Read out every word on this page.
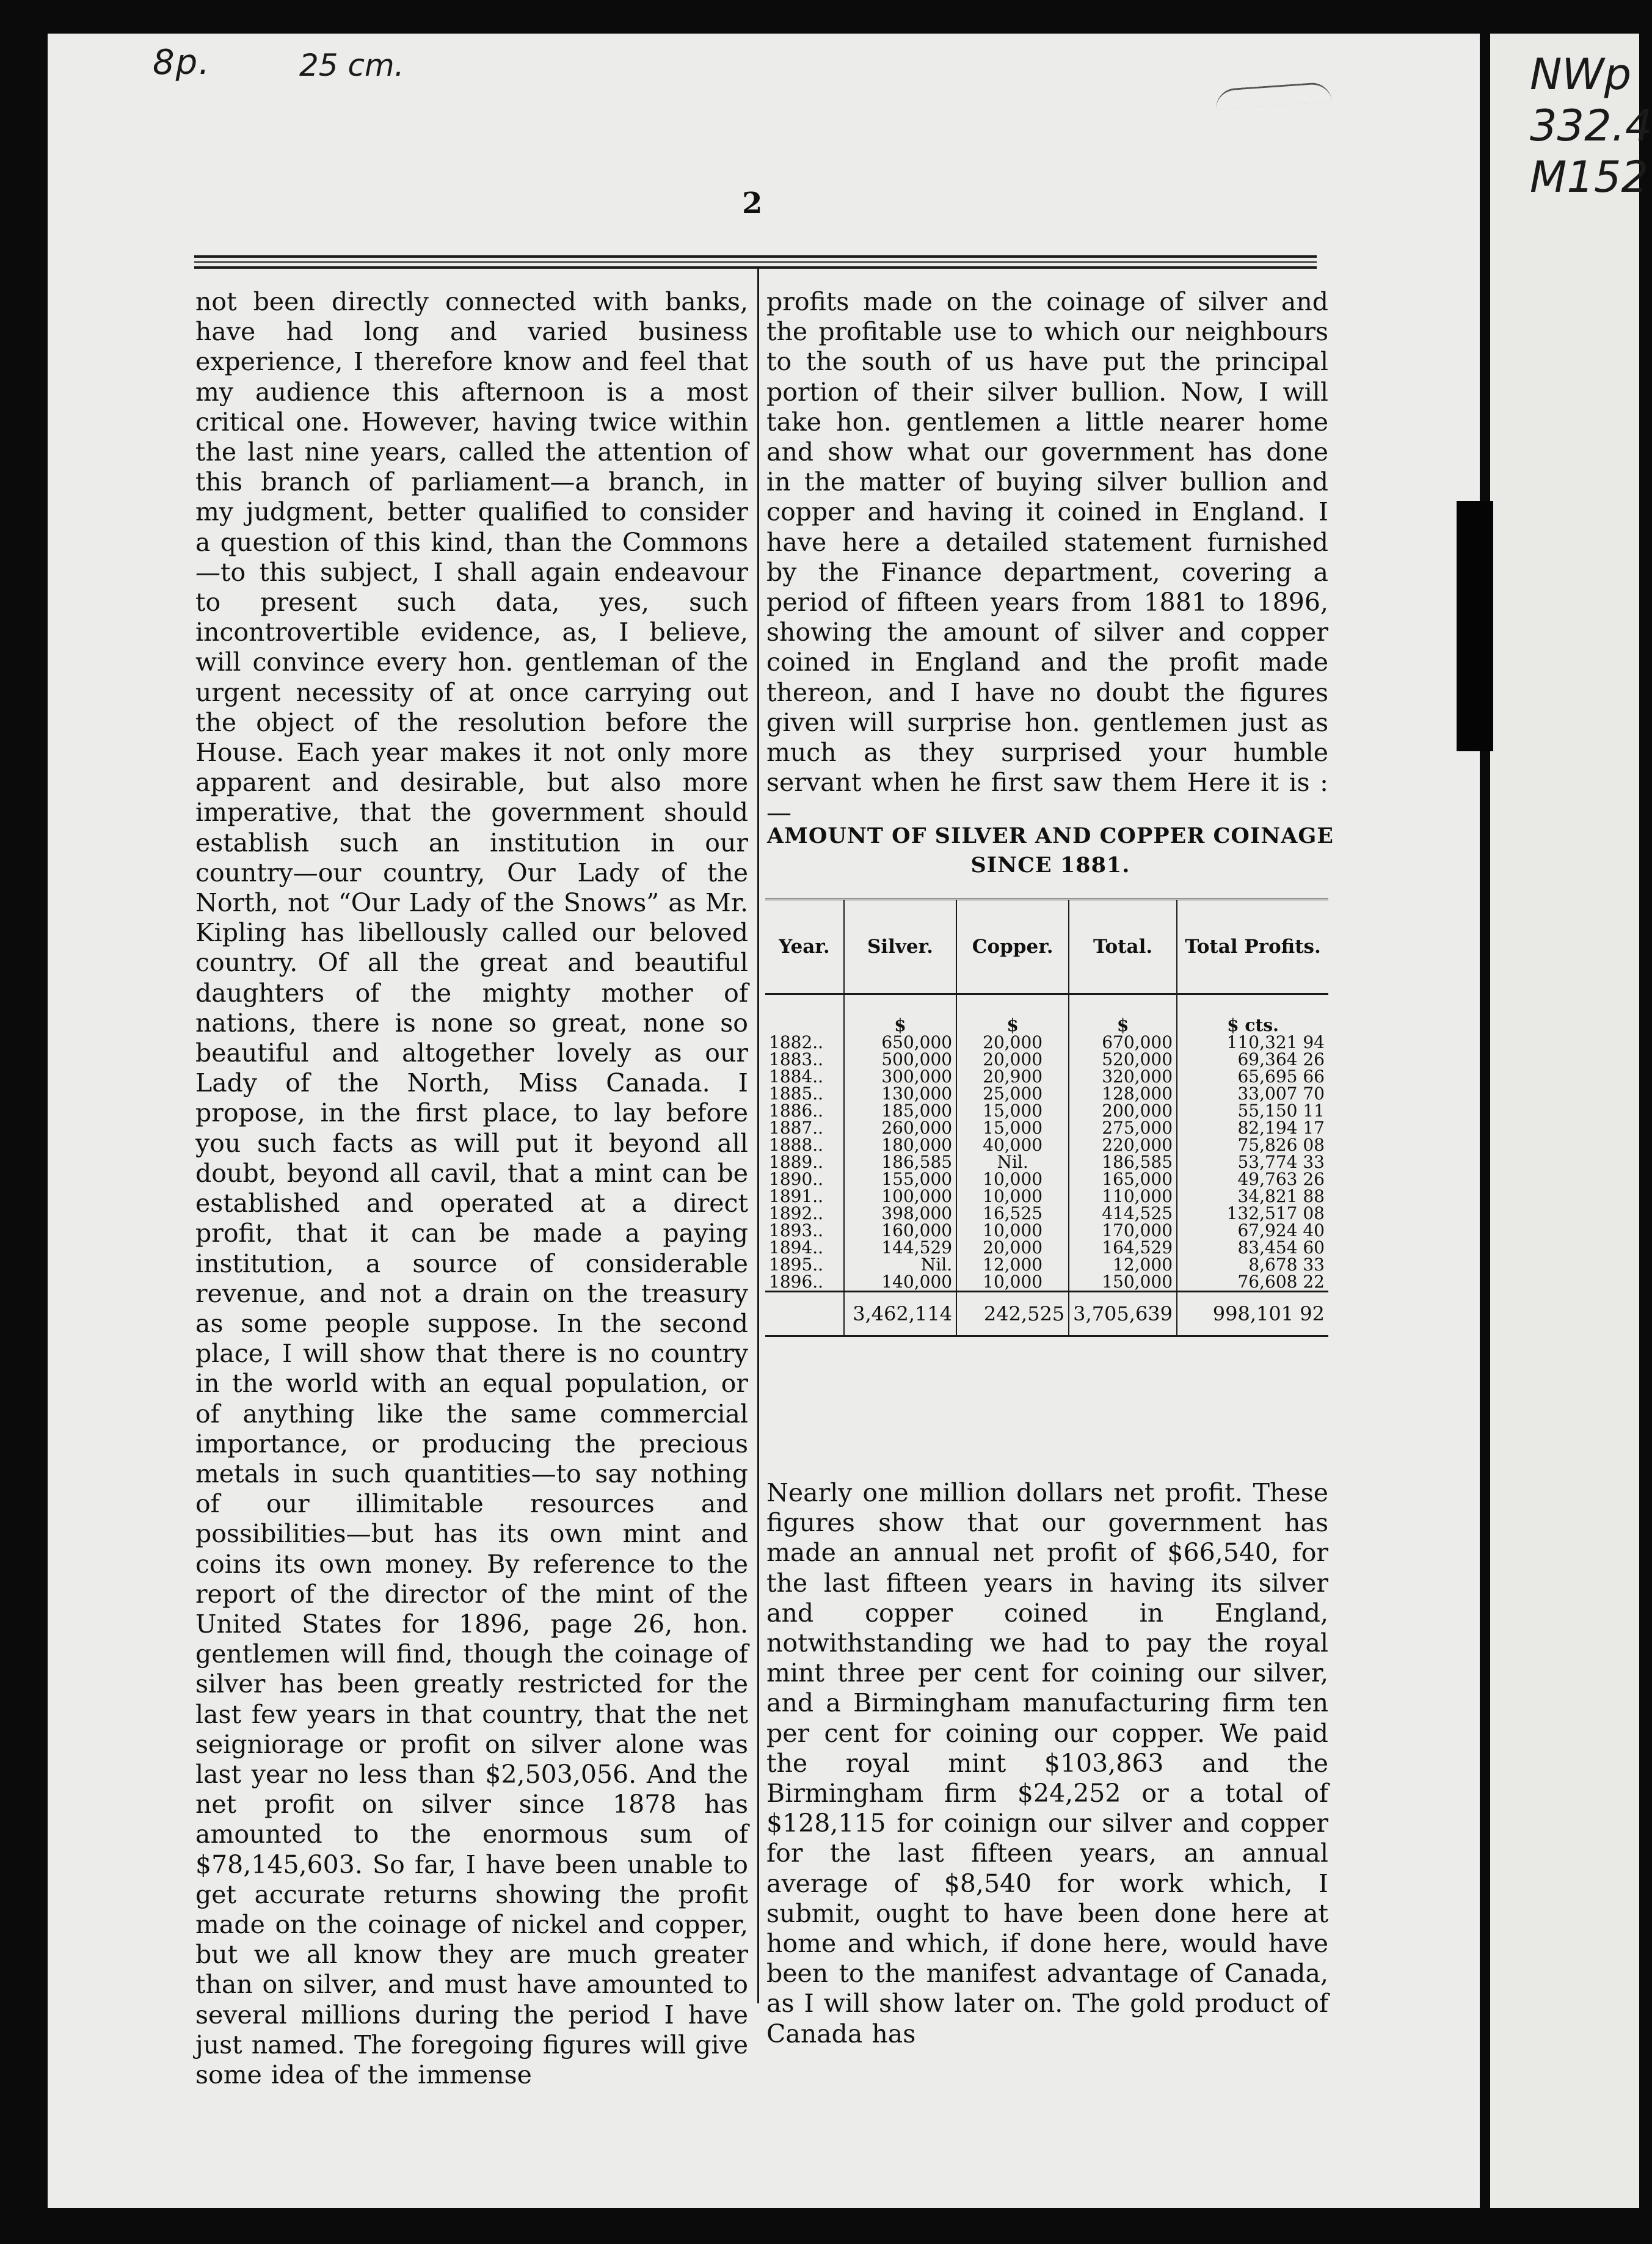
8p.	25 cm.	NWp
332.4
M152
2
not been directly connected with banks, have had long and varied business experience, I therefore know and feel that my audience this afternoon is a most critical one. However, having twice within the last nine years, called the attention of this branch of parliament—a branch, in my judgment, better qualified to consider a question of this kind, than the Commons—to this subject, I shall again endeavour to present such data, yes, such incontrovertible evidence, as, I believe, will convince every hon. gentleman of the urgent necessity of at once carrying out the object of the resolution before the House. Each year makes it not only more apparent and desirable, but also more imperative, that the government should establish such an institution in our country—our country, Our Lady of the North, not “Our Lady of the Snows” as Mr. Kipling has libellously called our beloved country. Of all the great and beautiful daughters of the mighty mother of nations, there is none so great, none so beautiful and altogether lovely as our Lady of the North, Miss Canada. I propose, in the first place, to lay before you such facts as will put it beyond all doubt, beyond all cavil, that a mint can be established and operated at a direct profit, that it can be made a paying institution, a source of considerable revenue, and not a drain on the treasury as some people suppose. In the second place, I will show that there is no country in the world with an equal population, or of anything like the same commercial importance, or producing the precious metals in such quantities—to say nothing of our illimitable resources and possibilities—but has its own mint and coins its own money. By reference to the report of the director of the mint of the United States for 1896, page 26, hon. gentlemen will find, though the coinage of silver has been greatly restricted for the last few years in that country, that the net seigniorage or profit on silver alone was last year no less than $2,503,056. And the net profit on silver since 1878 has amounted to the enormous sum of $78,145,603. So far, I have been unable to get accurate returns showing the profit made on the coinage of nickel and copper, but we all know they are much greater than on silver, and must have amounted to several millions during the period I have just named. The foregoing figures will give some idea of the immense
profits made on the coinage of silver and the profitable use to which our neighbours to the south of us have put the principal portion of their silver bullion. Now, I will take hon. gentlemen a little nearer home and show what our government has done in the matter of buying silver bullion and copper and having it coined in England. I have here a detailed statement furnished by the Finance department, covering a period of fifteen years from 1881 to 1896, showing the amount of silver and copper coined in England and the profit made thereon, and I have no doubt the figures given will surprise hon. gentlemen just as much as they surprised your humble servant when he first saw them Here it is :—
AMOUNT OF SILVER AND COPPER COINAGE SINCE 1881.
Year.	Silver.	Copper.	Total.	Total Profits.
	$	$	$	$ cts.
1882..	650,000	20,000	670,000	110,321 94
1883..	500,000	20,000	520,000	69,364 26
1884..	300,000	20,900	320,000	65,695 66
1885..	130,000	25,000	128,000	33,007 70
1886..	185,000	15,000	200,000	55,150 11
1887..	260,000	15,000	275,000	82,194 17
1888..	180,000	40,000	220,000	75,826 08
1889..	186,585	Nil.	186,585	53,774 33
1890..	155,000	10,000	165,000	49,763 26
1891..	100,000	10,000	110,000	34,821 88
1892..	398,000	16,525	414,525	132,517 08
1893..	160,000	10,000	170,000	67,924 40
1894..	144,529	20,000	164,529	83,454 60
1895..	Nil.	12,000	12,000	8,678 33
1896..	140,000	10,000	150,000	76,608 22
	3,462,114	242,525	3,705,639	998,101 92
Nearly one million dollars net profit. These figures show that our government has made an annual net profit of $66,540, for the last fifteen years in having its silver and copper coined in England, notwithstanding we had to pay the royal mint three per cent for coining our silver, and a Birmingham manufacturing firm ten per cent for coining our copper. We paid the royal mint $103,863 and the Birmingham firm $24,252 or a total of $128,115 for coinign our silver and copper for the last fifteen years, an annual average of $8,540 for work which, I submit, ought to have been done here at home and which, if done here, would have been to the manifest advantage of Canada, as I will show later on. The gold product of Canada has
